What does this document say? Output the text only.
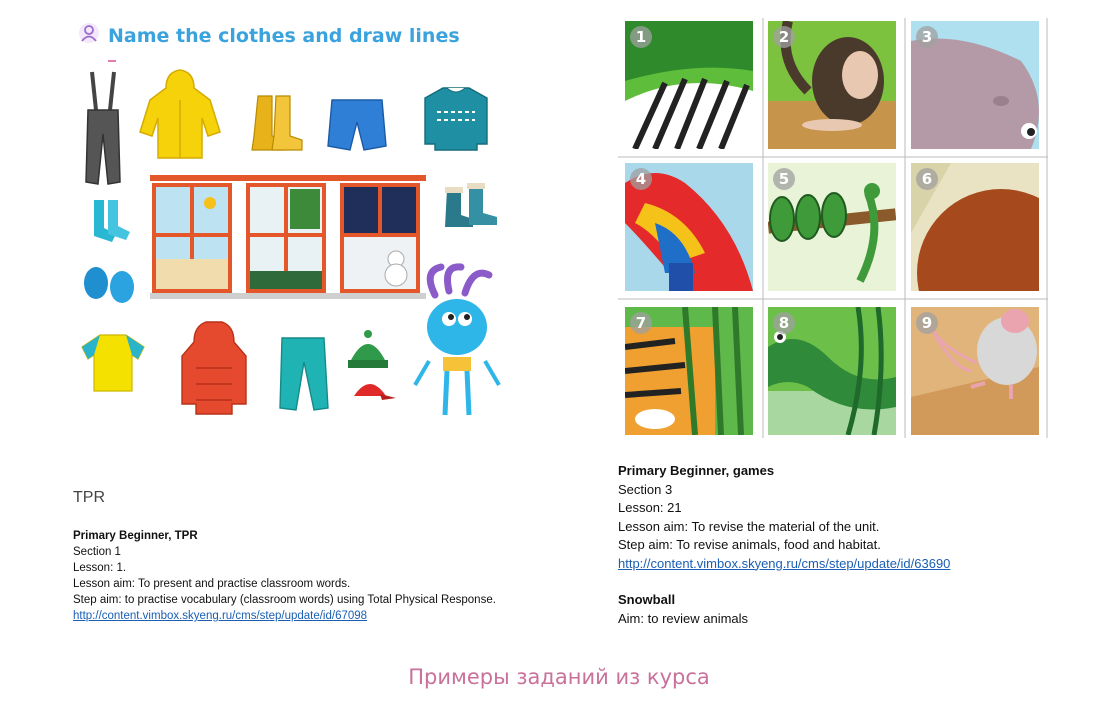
Name the clothes and draw lines
TPR
Primary Beginner, TPR
Section 1
Lesson: 1.
Lesson aim: To present and practise classroom words.
Step aim: to practise vocabulary (classroom words) using Total Physical Response.
http://content.vimbox.skyeng.ru/cms/step/update/id/67098
1	2	3
4	5	6
7	8	9
Primary Beginner, games
Section 3
Lesson: 21
Lesson aim: To revise the material of the unit.
Step aim: To revise animals, food and habitat.
http://content.vimbox.skyeng.ru/cms/step/update/id/63690
Snowball
Aim: to review animals
Примеры заданий из курса
